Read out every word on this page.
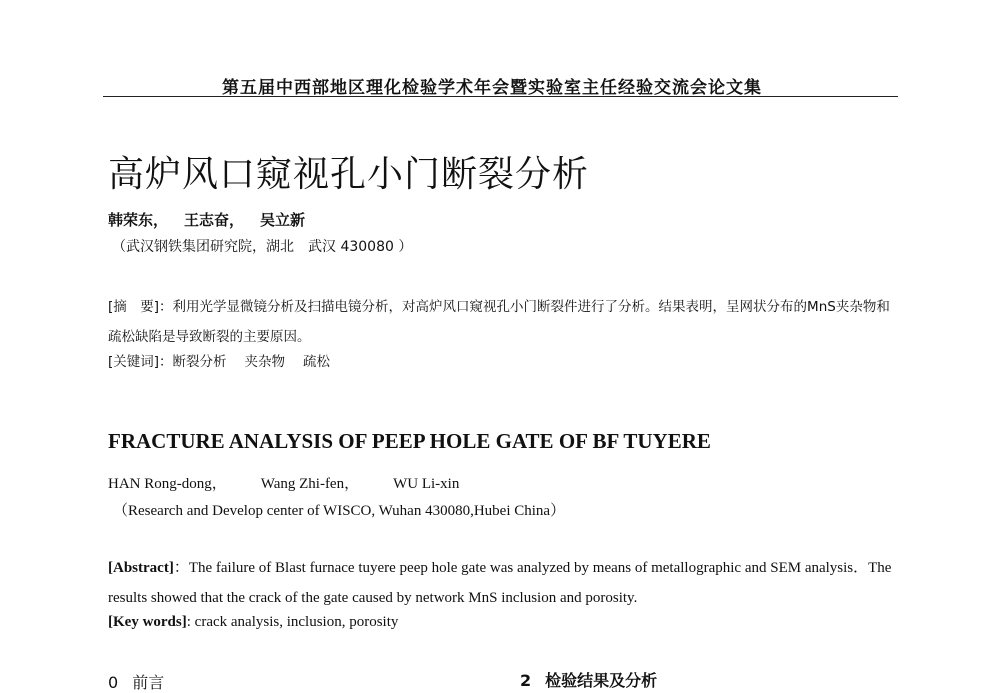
第五届中西部地区理化检验学术年会暨实验室主任经验交流会论文集
高炉风口窥视孔小门断裂分析
韩荣东， 王志奋， 吴立新
（武汉钢铁集团研究院，湖北　武汉 430080 ）
[摘　要]：利用光学显微镜分析及扫描电镜分析，对高炉风口窥视孔小门断裂件进行了分析。结果表明，呈网状分布的MnS夹杂物和疏松缺陷是导致断裂的主要原因。
[关键词]：断裂分析 夹杂物 疏松
FRACTURE ANALYSIS OF PEEP HOLE GATE OF BF TUYERE
HAN Rong-dong， Wang Zhi-fen， WU Li-xin
（Research and Develop center of WISCO, Wuhan 430080,Hubei China）
[Abstract]：The failure of Blast furnace tuyere peep hole gate was analyzed by means of metallographic and SEM analysis．The results showed that the crack of the gate caused by network MnS inclusion and porosity.
[Key words]: crack analysis, inclusion, porosity
0 前言	2 检验结果及分析
